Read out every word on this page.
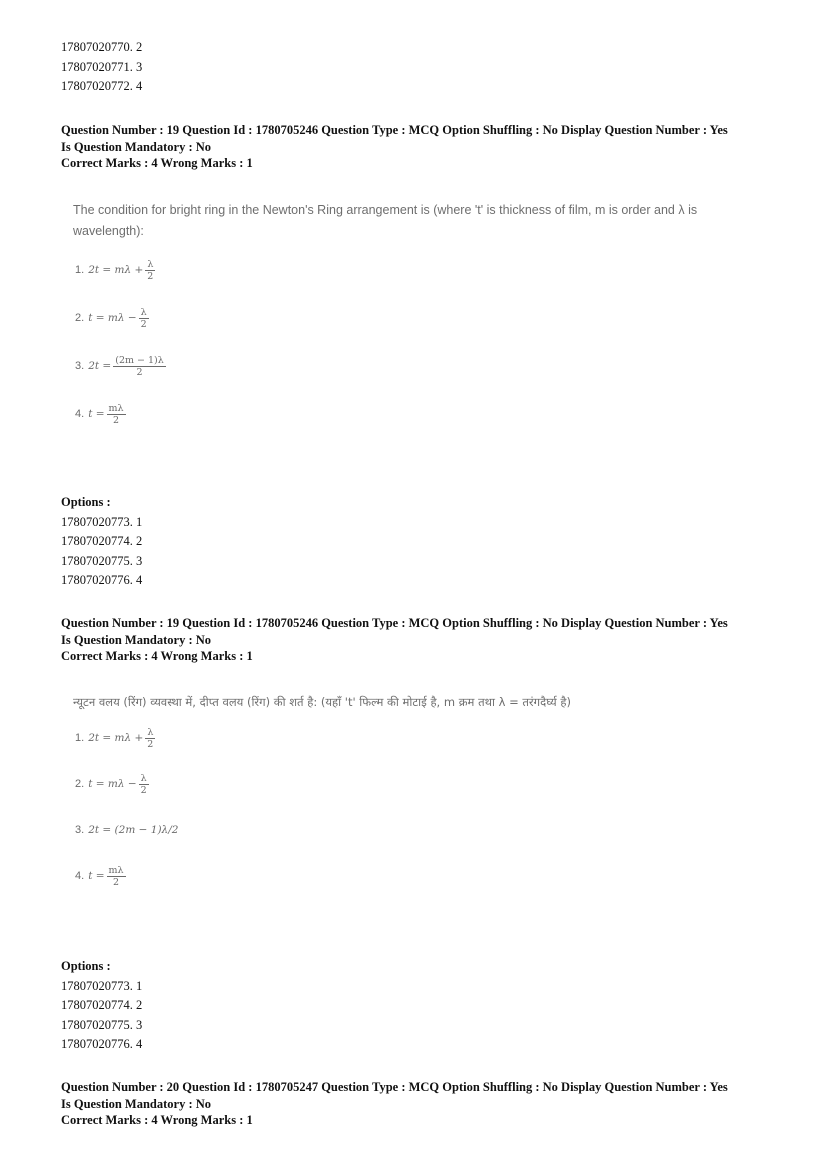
17807020770. 2
17807020771. 3
17807020772. 4
Question Number : 19 Question Id : 1780705246 Question Type : MCQ Option Shuffling : No Display Question Number : Yes
Is Question Mandatory : No
Correct Marks : 4 Wrong Marks : 1
The condition for bright ring in the Newton's Ring arrangement is (where 't' is thickness of film, m is order and λ is
wavelength):
1. $2t = m\lambda + \frac{\lambda}{2}$
2. $t = m\lambda - \frac{\lambda}{2}$
3. $2t = \frac{(2m - 1)\lambda}{2}$
4. $t = \frac{m\lambda}{2}$
Options :
17807020773. 1
17807020774. 2
17807020775. 3
17807020776. 4
Question Number : 19 Question Id : 1780705246 Question Type : MCQ Option Shuffling : No Display Question Number : Yes
Is Question Mandatory : No
Correct Marks : 4 Wrong Marks : 1
न्यूटन वलय (रिंग) व्यवस्था में, दीप्त वलय (रिंग) की शर्त है: (यहाँ 't' फिल्म की मोटाई है, m क्रम तथा λ = तरंगदैर्घ्य है)
1. $2t = m\lambda + \frac{\lambda}{2}$
2. $t = m\lambda - \frac{\lambda}{2}$
3. 2t = (2m − 1)λ/2
4. $t = \frac{m\lambda}{2}$
Options :
17807020773. 1
17807020774. 2
17807020775. 3
17807020776. 4
Question Number : 20 Question Id : 1780705247 Question Type : MCQ Option Shuffling : No Display Question Number : Yes
Is Question Mandatory : No
Correct Marks : 4 Wrong Marks : 1
